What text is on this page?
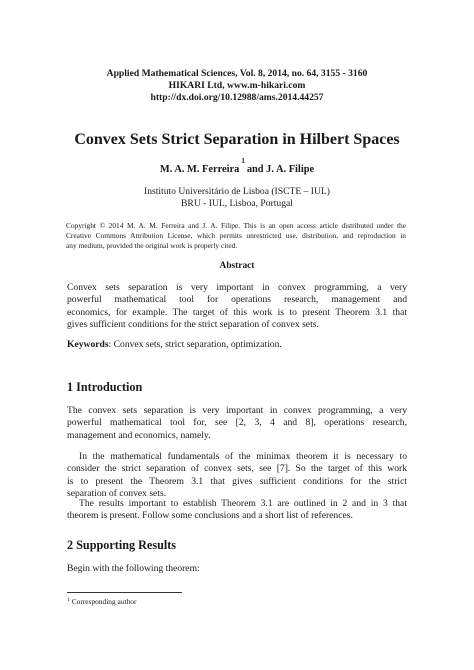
Applied Mathematical Sciences, Vol. 8, 2014, no. 64, 3155 - 3160
HIKARI Ltd, www.m-hikari.com
http://dx.doi.org/10.12988/ams.2014.44257
Convex Sets Strict Separation in Hilbert Spaces
M. A. M. Ferreira$^1$and J. A. Filipe
Instituto Universitário de Lisboa (ISCTE – IUL)
BRU - IUL, Lisboa, Portugal
Copyright © 2014 M. A. M. Ferreira and J. A. Filipe. This is an open access article distributed under the
Creative Commons Attribution License, which permits unrestricted use, distribution, and reproduction in
any medium, provided the original work is properly cited.
Abstract
Convex sets separation is very important in convex programming, a very
powerful mathematical tool for operations research, management and
economics, for example. The target of this work is to present Theorem 3.1 that
gives sufficient conditions for the strict separation of convex sets.
Keywords: Convex sets, strict separation, optimization.
1 Introduction
The convex sets separation is very important in convex programming, a very
powerful mathematical tool for, see [2, 3, 4 and 8], operations research,
management and economics, namely.
In the mathematical fundamentals of the minimax theorem it is necessary to
consider the strict separation of convex sets, see [7]. So the target of this work
is to present the Theorem 3.1 that gives sufficient conditions for the strict
separation of convex sets.
The results important to establish Theorem 3.1 are outlined in 2 and in 3 that
theorem is present. Follow some conclusions and a short list of references.
2 Supporting Results
Begin with the following theorem:
$^1$ Corresponding author
